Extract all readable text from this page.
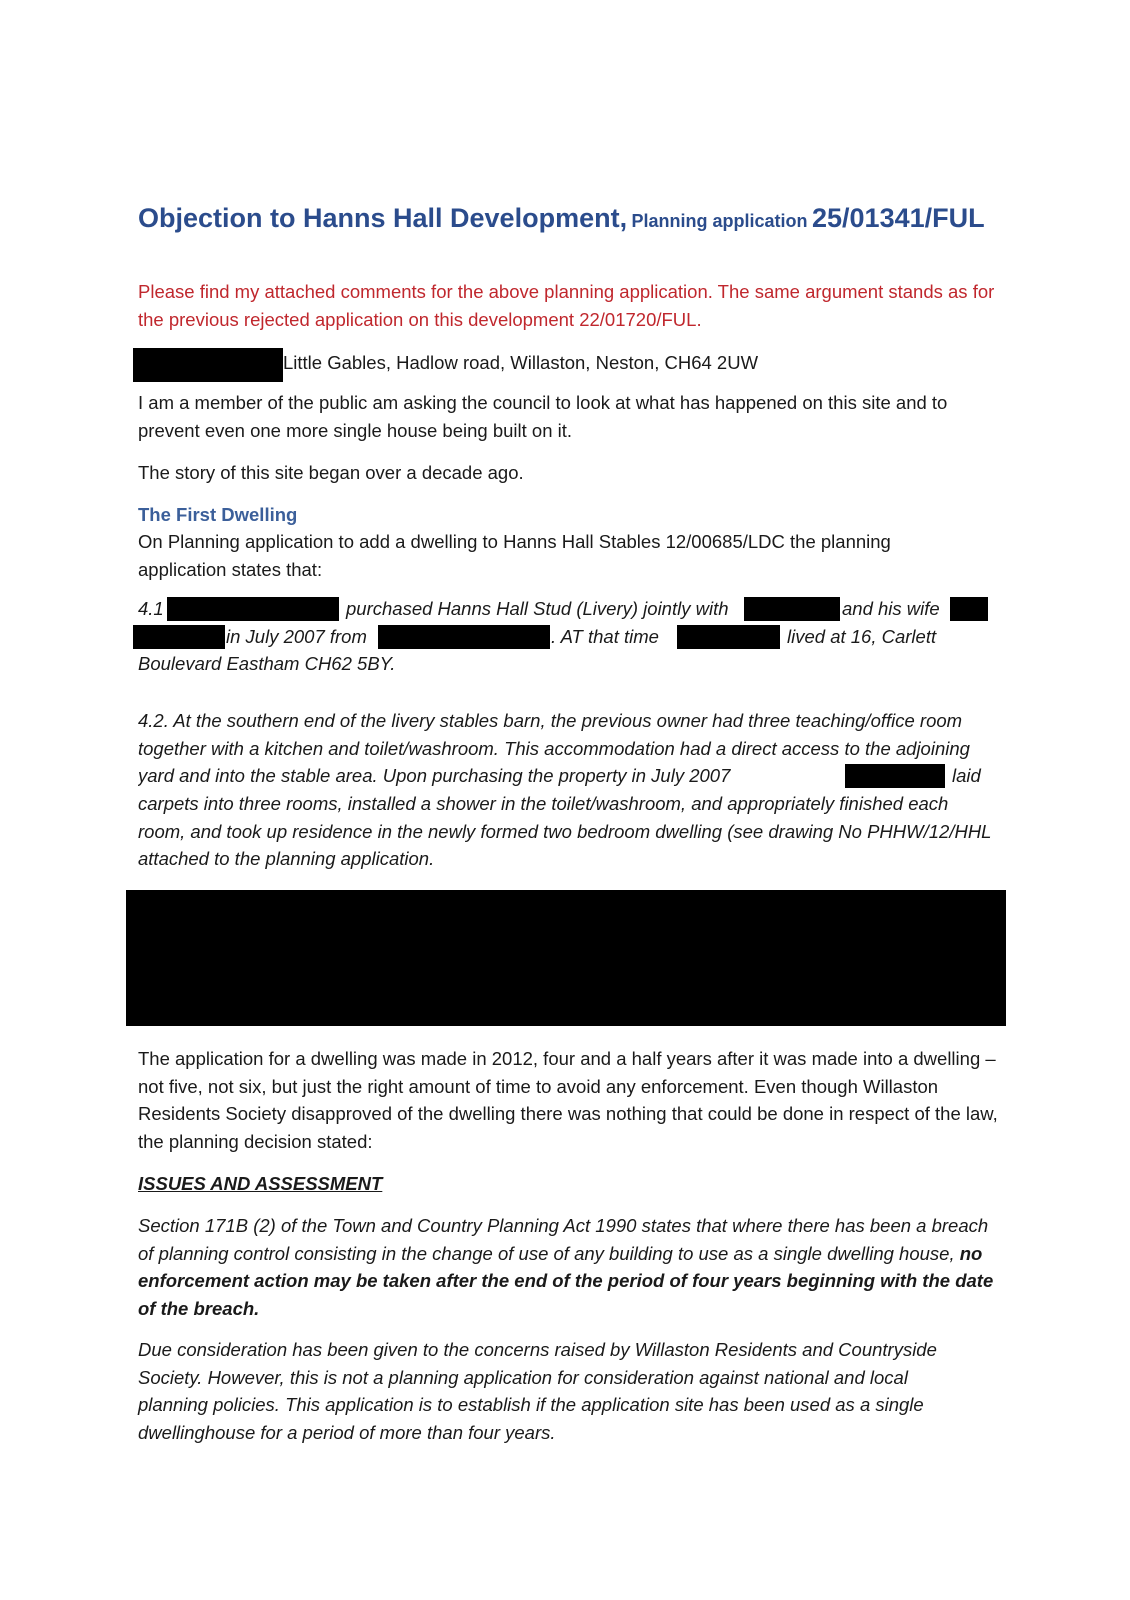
Objection to Hanns Hall Development, Planning application 25/01341/FUL
Please find my attached comments for the above planning application. The same argument stands as for the previous rejected application on this development 22/01720/FUL.
Little Gables, Hadlow road, Willaston, Neston, CH64 2UW
I am a member of the public am asking the council to look at what has happened on this site and to prevent even one more single house being built on it.
The story of this site began over a decade ago.
The First Dwelling
On Planning application to add a dwelling to Hanns Hall Stables 12/00685/LDC the planning application states that:
4.1	purchased Hanns Hall Stud (Livery) jointly with	and his wife
in July 2007 from	. AT that time	lived at 16, Carlett
Boulevard Eastham CH62 5BY.
4.2. At the southern end of the livery stables barn, the previous owner had three teaching/office room together with a kitchen and toilet/washroom. This accommodation had a direct access to the adjoining yard and into the stable area. Upon purchasing the property in July 2007	laid
carpets into three rooms, installed a shower in the toilet/washroom, and appropriately finished each room, and took up residence in the newly formed two bedroom dwelling (see drawing No PHHW/12/HHL attached to the planning application.
The application for a dwelling was made in 2012, four and a half years after it was made into a dwelling – not five, not six, but just the right amount of time to avoid any enforcement. Even though Willaston Residents Society disapproved of the dwelling there was nothing that could be done in respect of the law, the planning decision stated:
ISSUES AND ASSESSMENT
Section 171B (2) of the Town and Country Planning Act 1990 states that where there has been a breach of planning control consisting in the change of use of any building to use as a single dwelling house, no enforcement action may be taken after the end of the period of four years beginning with the date of the breach.
Due consideration has been given to the concerns raised by Willaston Residents and Countryside Society. However, this is not a planning application for consideration against national and local planning policies. This application is to establish if the application site has been used as a single dwellinghouse for a period of more than four years.
